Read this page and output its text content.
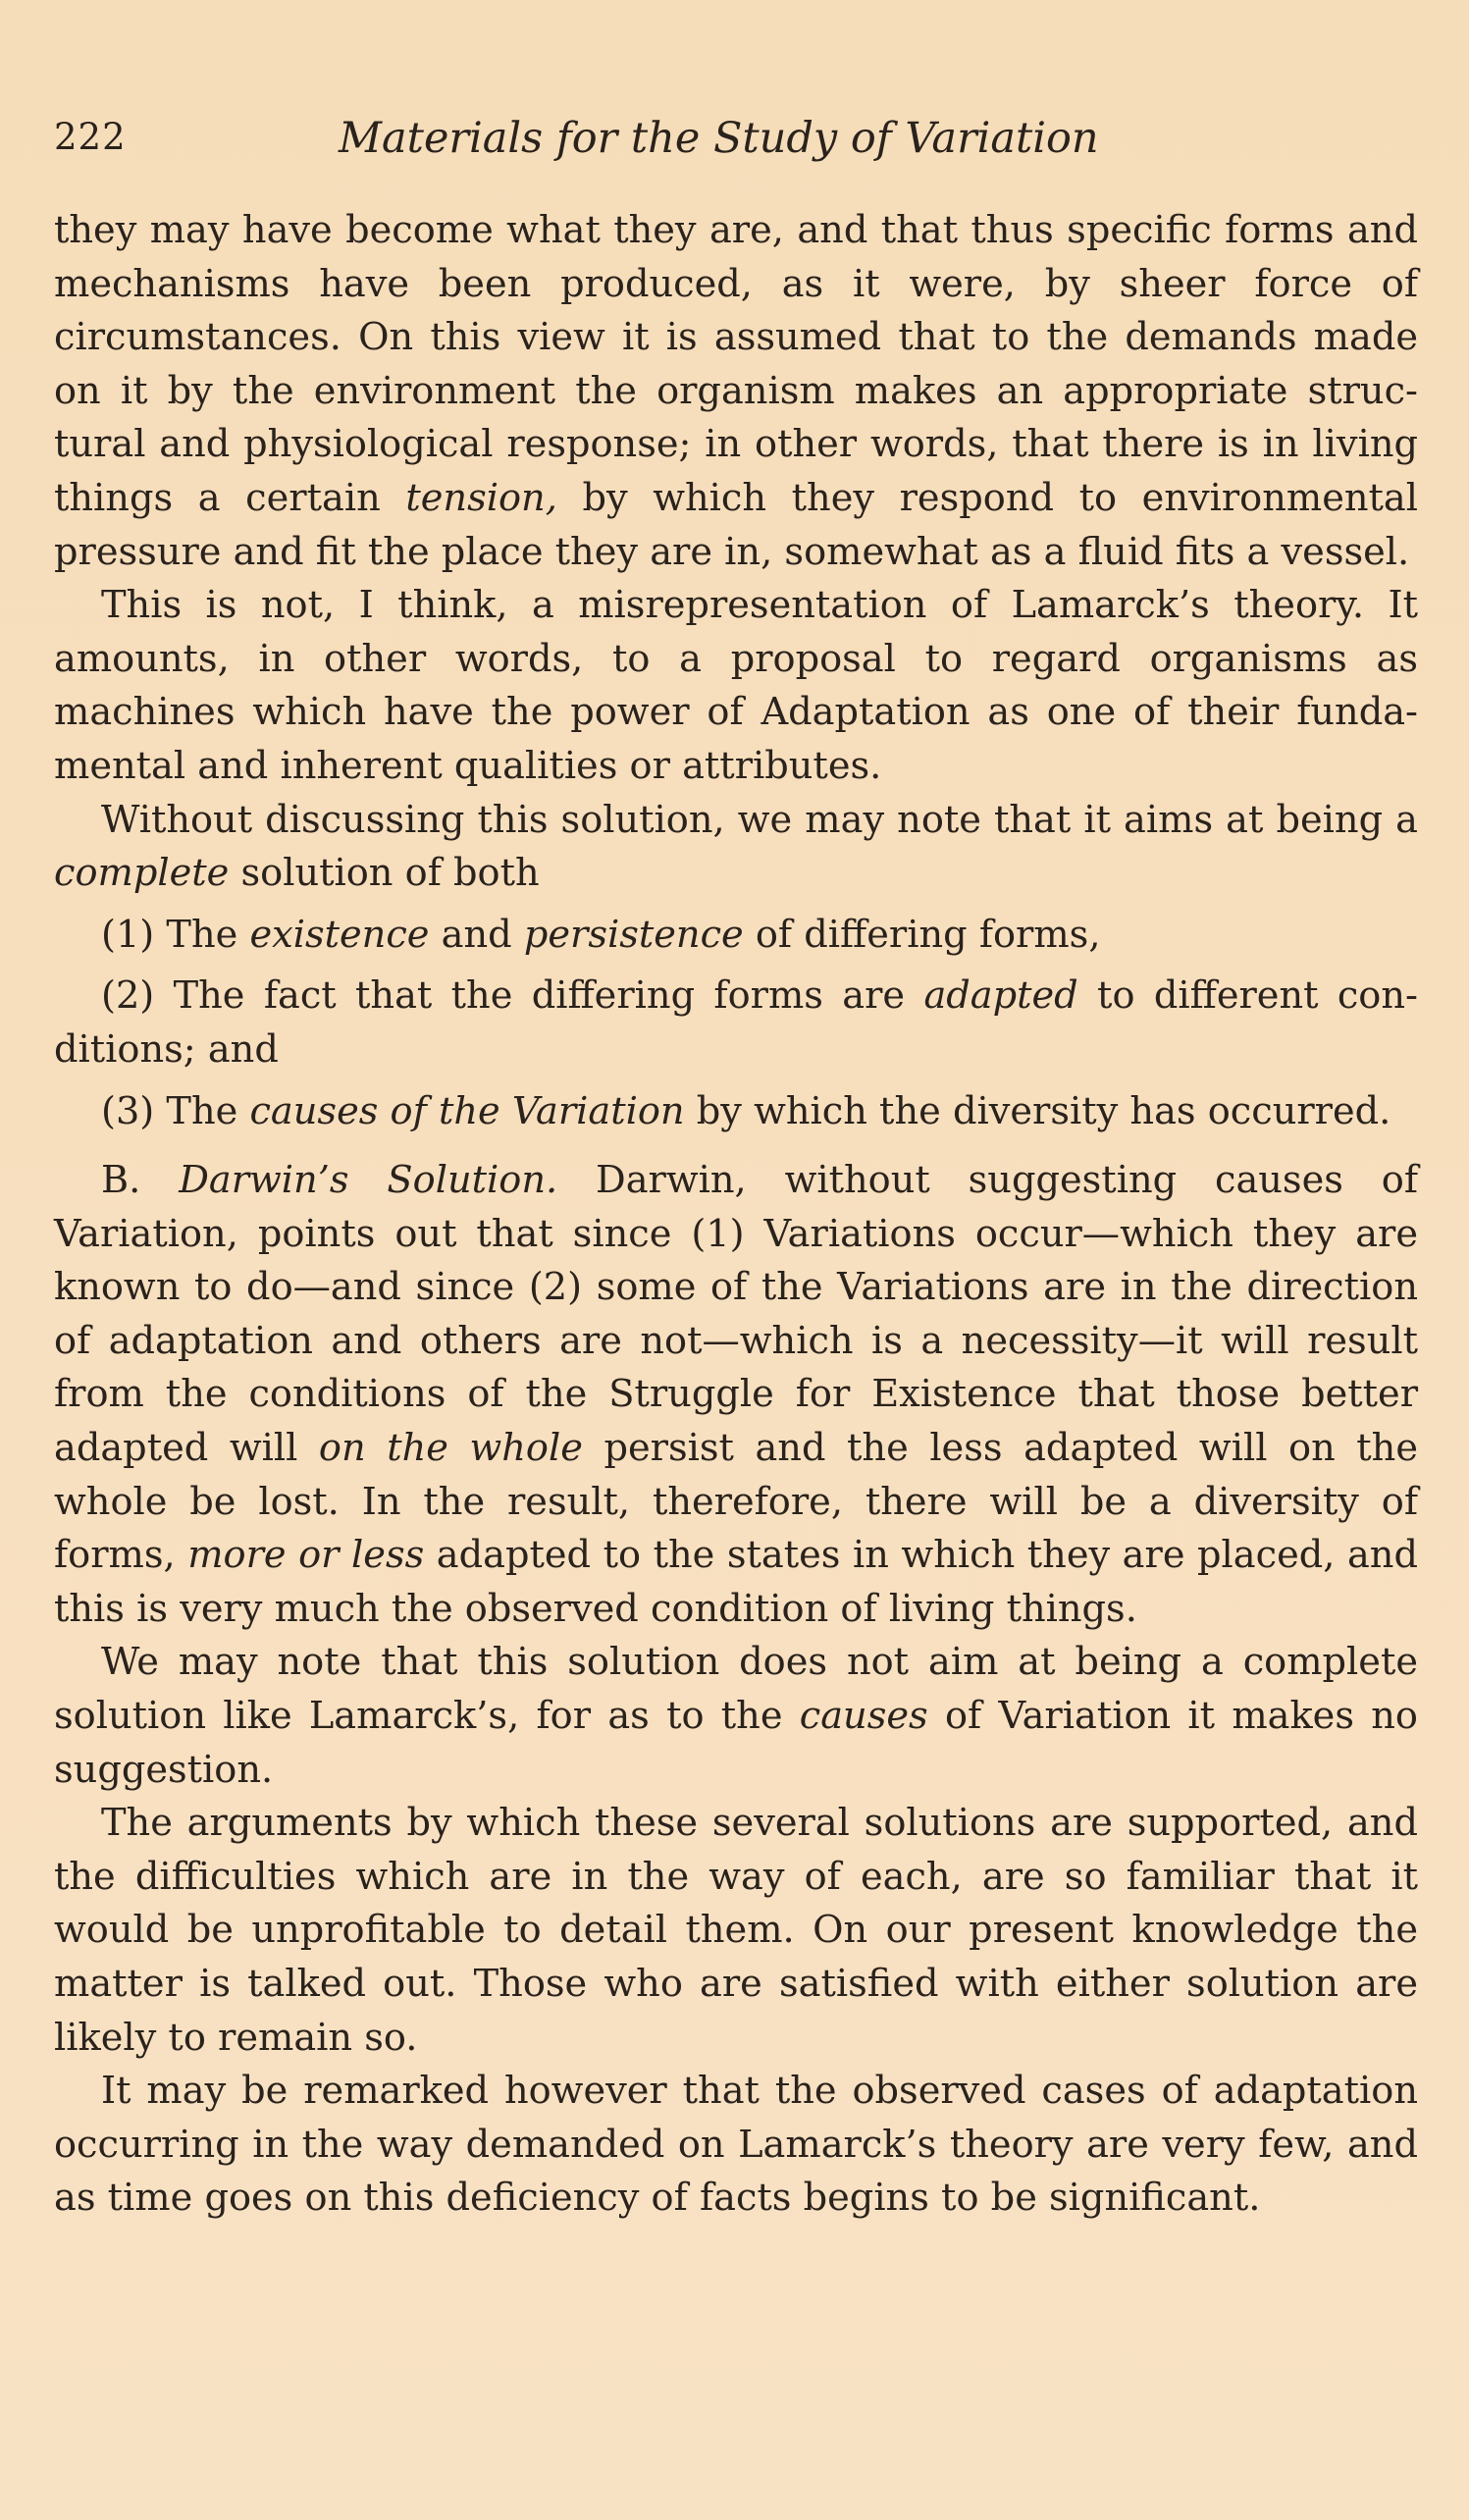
222	Materials for the Study of Variation

they may have become what they are, and that thus specific forms and mechanisms have been produced, as it were, by sheer force of circumstances. On this view it is assumed that to the demands made on it by the environment the organism makes an appropriate structural and physiological response; in other words, that there is in living things a certain tension, by which they respond to environmental pressure and fit the place they are in, somewhat as a fluid fits a vessel.

This is not, I think, a misrepresentation of Lamarck’s theory. It amounts, in other words, to a proposal to regard organisms as machines which have the power of Adaptation as one of their fundamental and inherent qualities or attributes.

Without discussing this solution, we may note that it aims at being a complete solution of both

(1) The existence and persistence of differing forms,

(2) The fact that the differing forms are adapted to different conditions; and

(3) The causes of the Variation by which the diversity has occurred.

B. Darwin’s Solution. Darwin, without suggesting causes of Variation, points out that since (1) Variations occur—which they are known to do—and since (2) some of the Variations are in the direction of adaptation and others are not—which is a necessity—it will result from the conditions of the Struggle for Existence that those better adapted will on the whole persist and the less adapted will on the whole be lost. In the result, therefore, there will be a diversity of forms, more or less adapted to the states in which they are placed, and this is very much the observed condition of living things.

We may note that this solution does not aim at being a complete solution like Lamarck’s, for as to the causes of Variation it makes no suggestion.

The arguments by which these several solutions are supported, and the difficulties which are in the way of each, are so familiar that it would be unprofitable to detail them. On our present knowledge the matter is talked out. Those who are satisfied with either solution are likely to remain so.

It may be remarked however that the observed cases of adaptation occurring in the way demanded on Lamarck’s theory are very few, and as time goes on this deficiency of facts begins to be significant.
